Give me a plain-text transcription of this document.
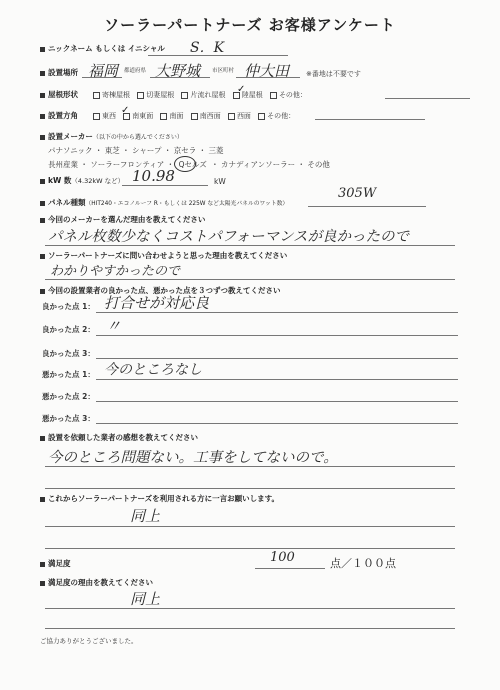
ソーラーパートナーズ お客様アンケート
ニックネーム もしくは イニシャル S．K
設置場所 福岡 都道府県 大野城 市区町村 仲大田 ※番地は不要です
屋根形状	寄棟屋根 切妻屋根 片流れ屋根 陸屋根 その他：
✓
設置方角	東西 南東面 南面 南西面 西面 その他：
✓
設置メーカー（以下の中から選んでください）
パナソニック ・ 東芝 ・ シャープ ・ 京セラ ・ 三菱
長州産業 ・ ソーラーフロンティア ・ Qセルズ ・ カナディアンソーラー ・ その他
kW 数（4.32kW など） 10.98	kW
パネル種類（HIT240・エコノルーフ R・もしくは 225W など太陽光パネルのワット数）
305W
今回のメーカーを選んだ理由を教えてください
パネル枚数少なくコストパフォーマンスが良かったので
ソーラーパートナーズに問い合わせようと思った理由を教えてください
わかりやすかったので
今回の設置業者の良かった点、悪かった点を３つずつ教えてください
良かった点 1： 打合せが対応良
良かった点 2： 〃
良かった点 3：
悪かった点 1： 今のところなし
悪かった点 2：
悪かった点 3：
設置を依頼した業者の感想を教えてください
今のところ問題ない。工事をしてないので。
これからソーラーパートナーズを利用される方に一言お願いします。
同上
満足度	100	点／１００点
満足度の理由を教えてください
同上
ご協力ありがとうございました。
